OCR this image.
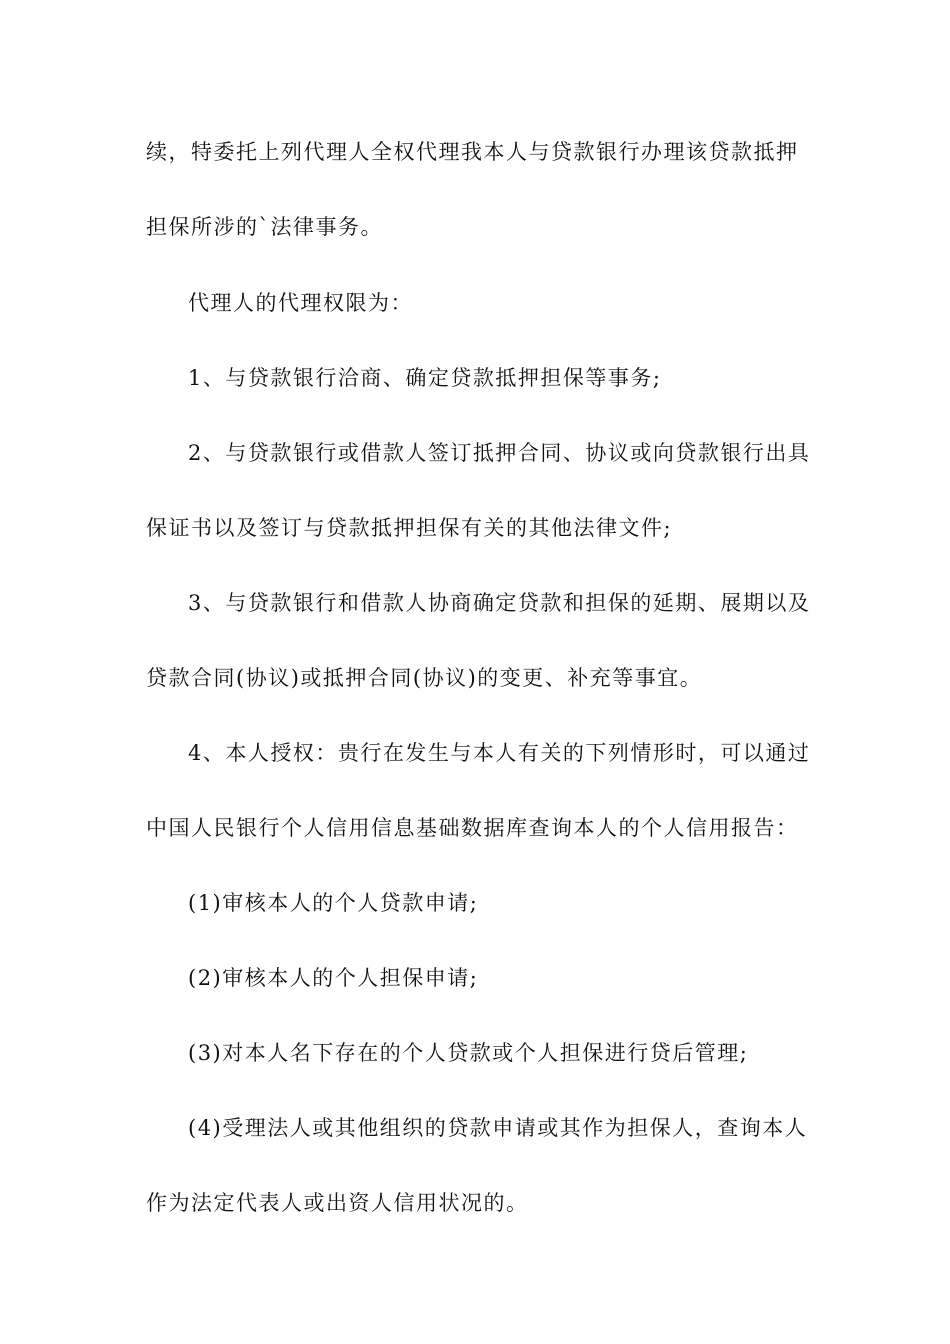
续，特委托上列代理人全权代理我本人与贷款银行办理该贷款抵押

担保所涉的`法律事务。

代理人的代理权限为：

1、与贷款银行洽商、确定贷款抵押担保等事务;

2、与贷款银行或借款人签订抵押合同、协议或向贷款银行出具

保证书以及签订与贷款抵押担保有关的其他法律文件;

3、与贷款银行和借款人协商确定贷款和担保的延期、展期以及

贷款合同(协议)或抵押合同(协议)的变更、补充等事宜。

4、本人授权：贵行在发生与本人有关的下列情形时，可以通过

中国人民银行个人信用信息基础数据库查询本人的个人信用报告：

(1)审核本人的个人贷款申请;

(2)审核本人的个人担保申请;

(3)对本人名下存在的个人贷款或个人担保进行贷后管理;

(4)受理法人或其他组织的贷款申请或其作为担保人，查询本人

作为法定代表人或出资人信用状况的。
